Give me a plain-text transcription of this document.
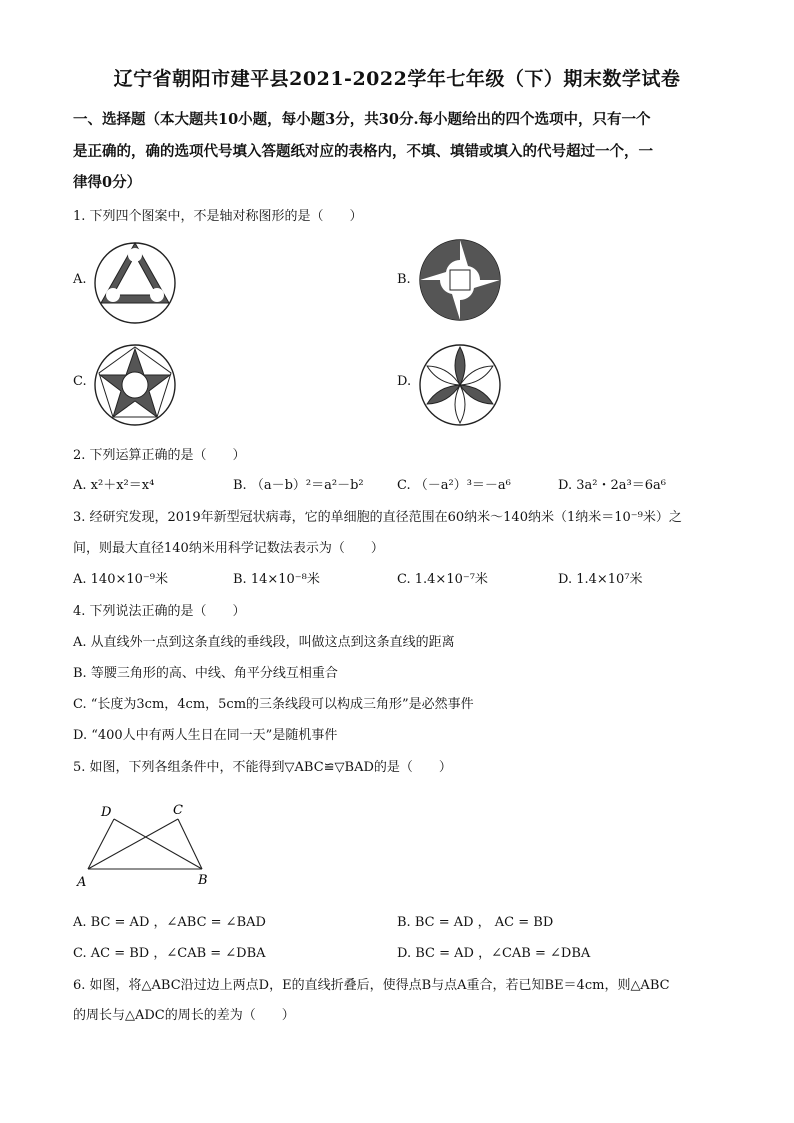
辽宁省朝阳市建平县2021-2022学年七年级（下）期末数学试卷
一、选择题（本大题共10小题，每小题3分，共30分.每小题给出的四个选项中，只有一个
是正确的，确的选项代号填入答题纸对应的表格内，不填、填错或填入的代号超过一个，一
律得0分）
1. 下列四个图案中，不是轴对称图形的是（　　）
A.	B.
C.	D.
2. 下列运算正确的是（　　）
A. x²＋x²＝x⁴	B. （a－b）²＝a²－b²	C. （－a²）³＝－a⁶	D. 3a²・2a³＝6a⁶
3. 经研究发现，2019年新型冠状病毒，它的单细胞的直径范围在60纳米～140纳米（1纳米＝10⁻⁹米）之
间，则最大直径140纳米用科学记数法表示为（　　）
A. 140×10⁻⁹米	B. 14×10⁻⁸米	C. 1.4×10⁻⁷米	D. 1.4×10⁷米
4. 下列说法正确的是（　　）
A. 从直线外一点到这条直线的垂线段，叫做这点到这条直线的距离
B. 等腰三角形的高、中线、角平分线互相重合
C. “长度为3cm，4cm，5cm的三条线段可以构成三角形”是必然事件
D. “400人中有两人生日在同一天”是随机事件
5. 如图，下列各组条件中，不能得到▽ABC≌▽BAD的是（　　）
D	C
A	B
A. BC = AD ，∠ABC = ∠BAD	B. BC = AD ， AC = BD
C. AC = BD ，∠CAB = ∠DBA	D. BC = AD ，∠CAB = ∠DBA
6. 如图，将△ABC沿过边上两点D，E的直线折叠后，使得点B与点A重合，若已知BE＝4cm，则△ABC
的周长与△ADC的周长的差为（　　）
